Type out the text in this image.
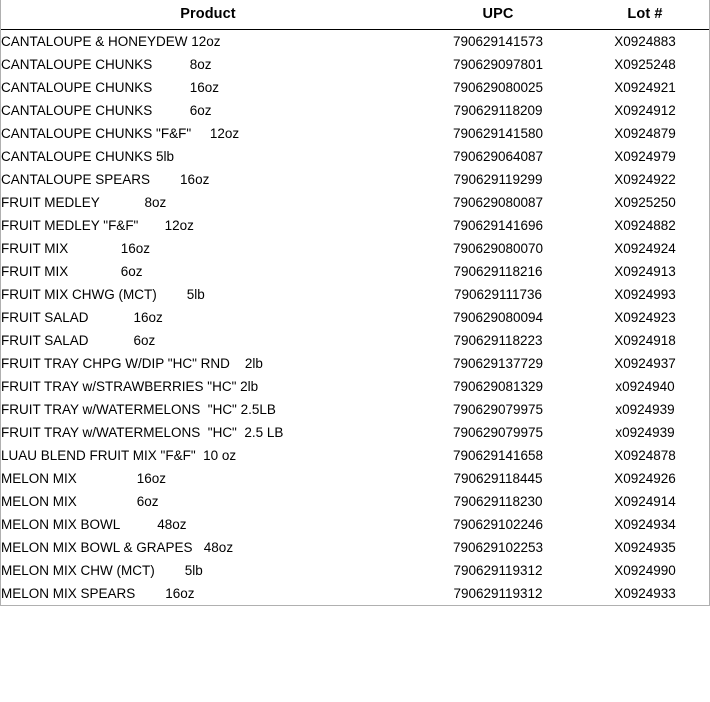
Product	UPC	Lot #
CANTALOUPE & HONEYDEW 12oz	790629141573	X0924883
CANTALOUPE CHUNKS          8oz	790629097801	X0925248
CANTALOUPE CHUNKS          16oz	790629080025	X0924921
CANTALOUPE CHUNKS          6oz	790629118209	X0924912
CANTALOUPE CHUNKS "F&F"     12oz	790629141580	X0924879
CANTALOUPE CHUNKS 5lb	790629064087	X0924979
CANTALOUPE SPEARS        16oz	790629119299	X0924922
FRUIT MEDLEY            8oz	790629080087	X0925250
FRUIT MEDLEY "F&F"       12oz	790629141696	X0924882
FRUIT MIX              16oz	790629080070	X0924924
FRUIT MIX              6oz	790629118216	X0924913
FRUIT MIX CHWG (MCT)        5lb	790629111736	X0924993
FRUIT SALAD            16oz	790629080094	X0924923
FRUIT SALAD            6oz	790629118223	X0924918
FRUIT TRAY CHPG W/DIP "HC" RND    2lb	790629137729	X0924937
FRUIT TRAY w/STRAWBERRIES "HC" 2lb	790629081329	x0924940
FRUIT TRAY w/WATERMELONS  "HC" 2.5LB	790629079975	x0924939
FRUIT TRAY w/WATERMELONS  "HC"  2.5 LB	790629079975	x0924939
LUAU BLEND FRUIT MIX "F&F"  10 oz	790629141658	X0924878
MELON MIX                16oz	790629118445	X0924926
MELON MIX                6oz	790629118230	X0924914
MELON MIX BOWL          48oz	790629102246	X0924934
MELON MIX BOWL & GRAPES   48oz	790629102253	X0924935
MELON MIX CHW (MCT)        5lb	790629119312	X0924990
MELON MIX SPEARS        16oz	790629119312	X0924933
